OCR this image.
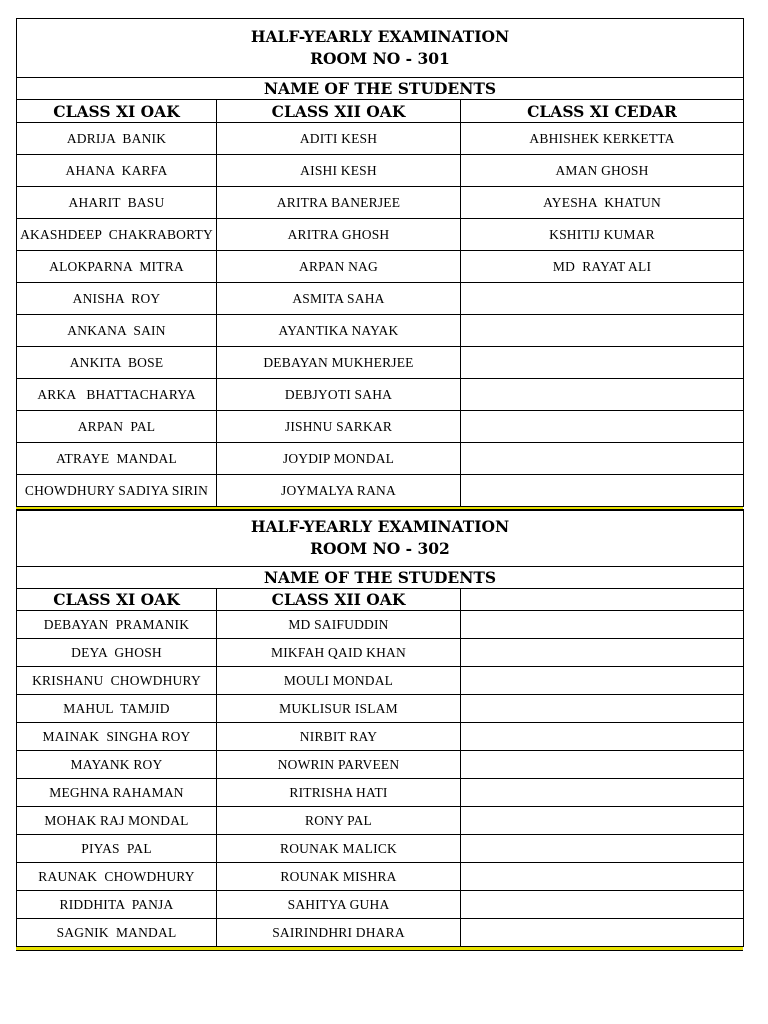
HALF-YEARLY EXAMINATION
ROOM NO - 301		

NAME OF THE STUDENTS		
CLASS XI OAK	CLASS XII OAK	CLASS XI CEDAR
ADRIJA  BANIK	ADITI KESH	ABHISHEK KERKETTA
AHANA  KARFA	AISHI KESH	AMAN GHOSH
AHARIT  BASU	ARITRA BANERJEE	AYESHA  KHATUN
AKASHDEEP  CHAKRABORTY	ARITRA GHOSH	KSHITIJ KUMAR
ALOKPARNA  MITRA	ARPAN NAG	MD  RAYAT ALI
ANISHA  ROY	ASMITA SAHA	
ANKANA  SAIN	AYANTIKA NAYAK	
ANKITA  BOSE	DEBAYAN MUKHERJEE	
ARKA   BHATTACHARYA	DEBJYOTI SAHA	
ARPAN  PAL	JISHNU SARKAR	
ATRAYE  MANDAL	JOYDIP MONDAL	
CHOWDHURY SADIYA SIRIN	JOYMALYA RANA	
HALF-YEARLY EXAMINATION
ROOM NO - 302		

NAME OF THE STUDENTS		
CLASS XI OAK	CLASS XII OAK	
DEBAYAN  PRAMANIK	MD SAIFUDDIN	
DEYA  GHOSH	MIKFAH QAID KHAN	
KRISHANU  CHOWDHURY	MOULI MONDAL	
MAHUL  TAMJID	MUKLISUR ISLAM	
MAINAK  SINGHA ROY	NIRBIT RAY	
MAYANK ROY	NOWRIN PARVEEN	
MEGHNA RAHAMAN	RITRISHA HATI	
MOHAK RAJ MONDAL	RONY PAL	
PIYAS  PAL	ROUNAK MALICK	
RAUNAK  CHOWDHURY	ROUNAK MISHRA	
RIDDHITA  PANJA	SAHITYA GUHA	
SAGNIK  MANDAL	SAIRINDHRI DHARA	
